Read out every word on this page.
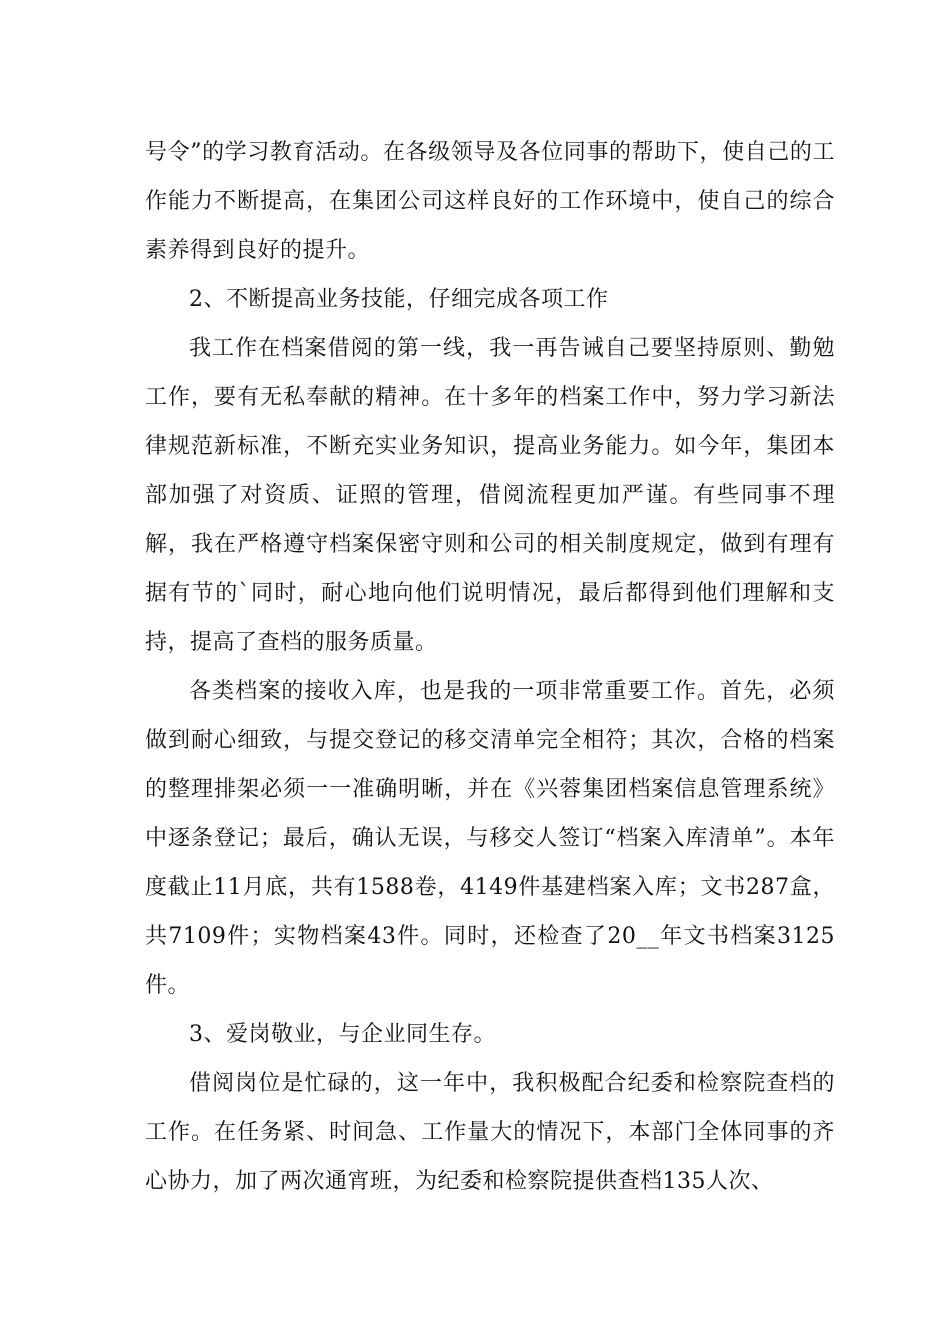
号令”的学习教育活动。在各级领导及各位同事的帮助下，使自己的工作能力不断提高，在集团公司这样良好的工作环境中，使自己的综合素养得到良好的提升。

2、不断提高业务技能，仔细完成各项工作

我工作在档案借阅的第一线，我一再告诫自己要坚持原则、勤勉工作，要有无私奉献的精神。在十多年的档案工作中，努力学习新法律规范新标准，不断充实业务知识，提高业务能力。如今年，集团本部加强了对资质、证照的管理，借阅流程更加严谨。有些同事不理解，我在严格遵守档案保密守则和公司的相关制度规定，做到有理有据有节的`同时，耐心地向他们说明情况，最后都得到他们理解和支持，提高了查档的服务质量。

各类档案的接收入库，也是我的一项非常重要工作。首先，必须做到耐心细致，与提交登记的移交清单完全相符；其次，合格的档案的整理排架必须一一准确明晰，并在《兴蓉集团档案信息管理系统》中逐条登记；最后，确认无误，与移交人签订“档案入库清单”。本年度截止11月底，共有1588卷，4149件基建档案入库；文书287盒，共7109件；实物档案43件。同时，还检查了20__年文书档案3125件。

3、爱岗敬业，与企业同生存。

借阅岗位是忙碌的，这一年中，我积极配合纪委和检察院查档的工作。在任务紧、时间急、工作量大的情况下，本部门全体同事的齐心协力，加了两次通宵班，为纪委和检察院提供查档135人次、
